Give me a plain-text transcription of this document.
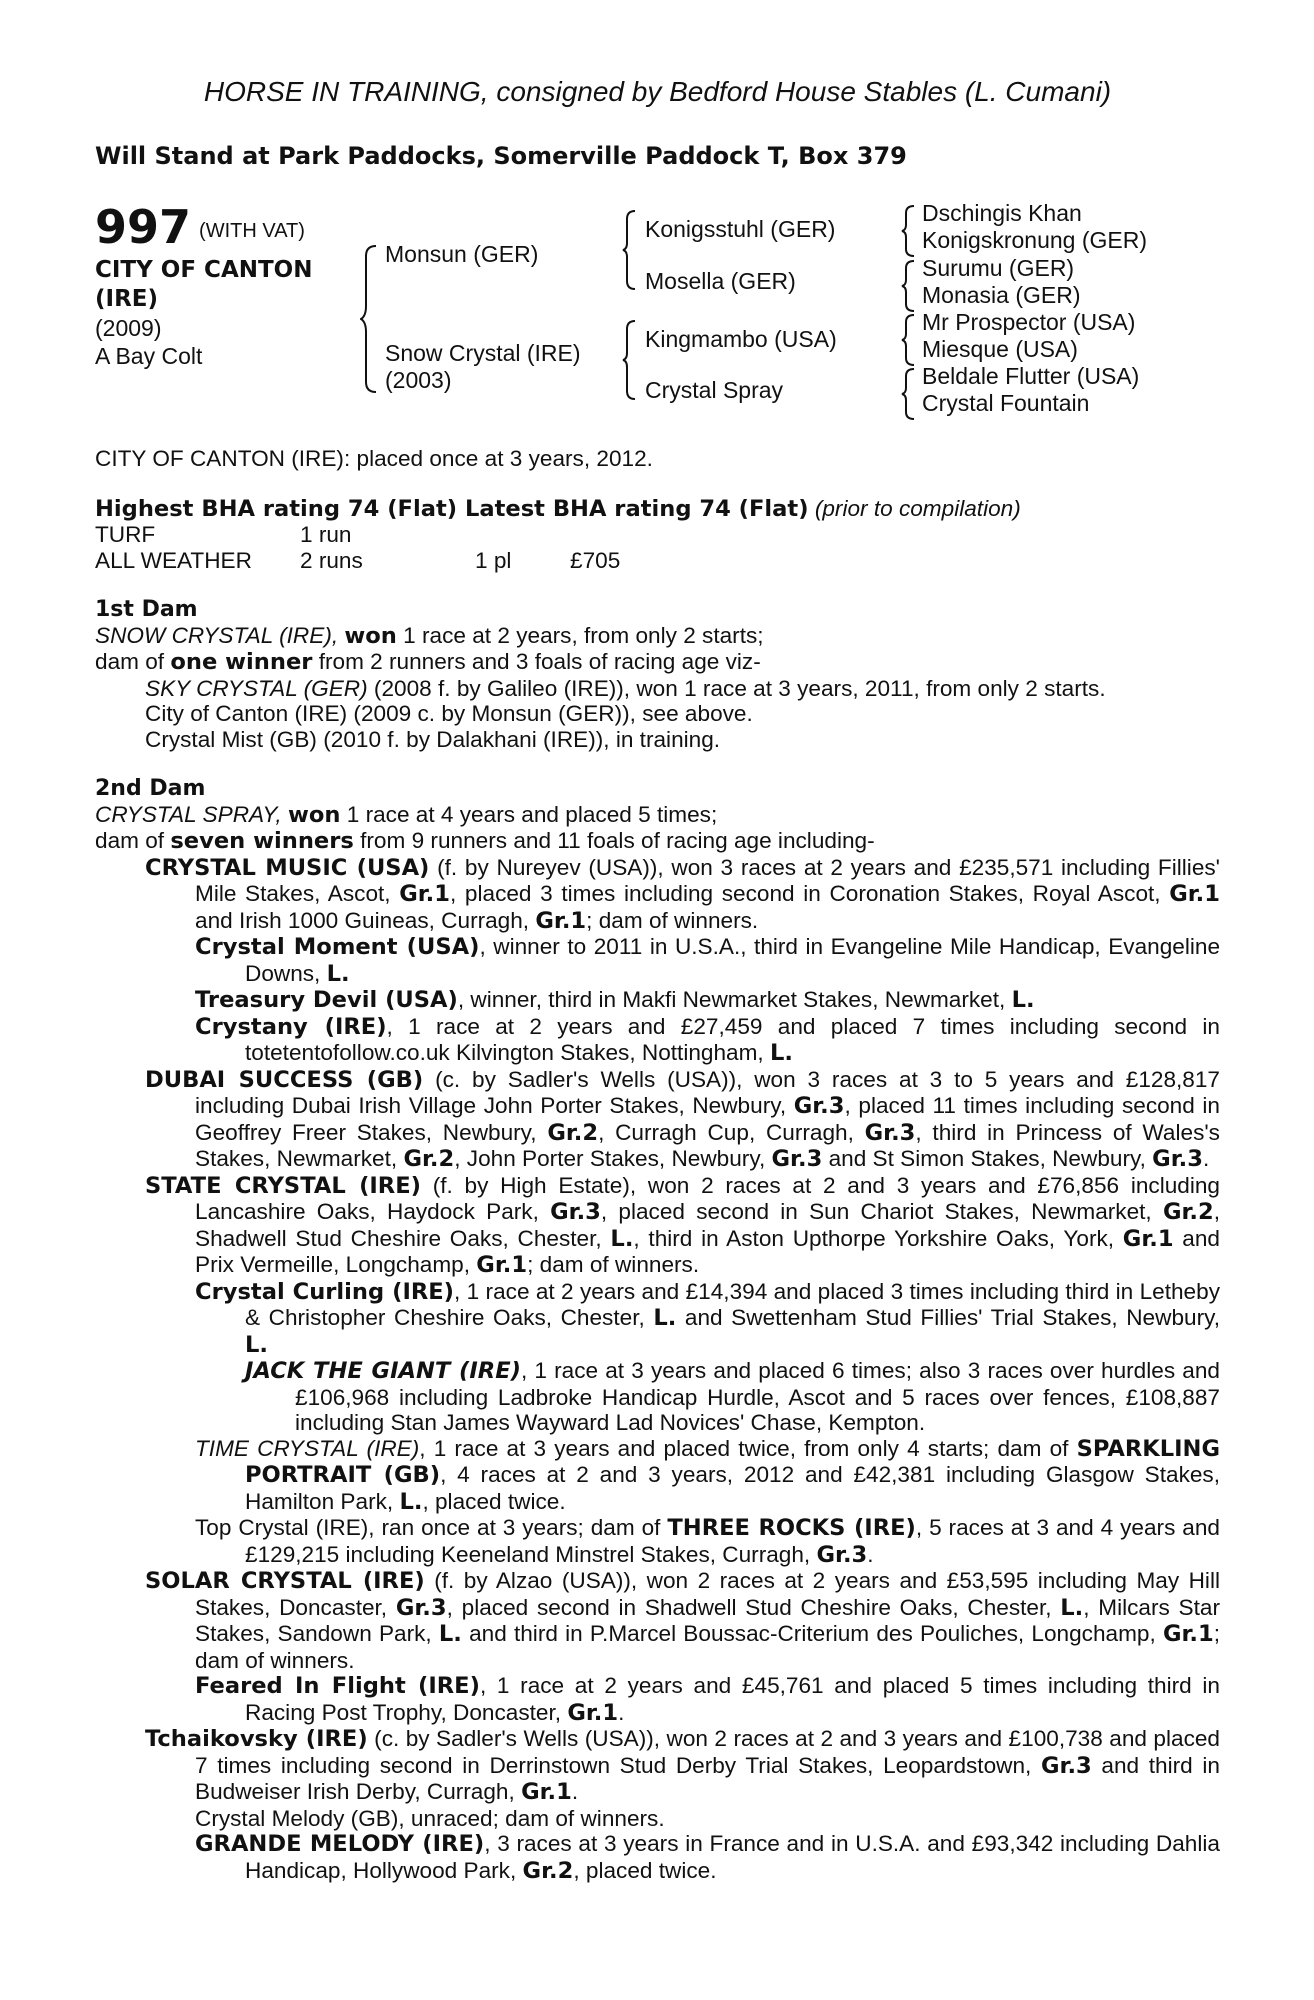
HORSE IN TRAINING, consigned by Bedford House Stables (L. Cumani)
Will Stand at Park Paddocks, Somerville Paddock T, Box 379
997 (WITH VAT)
CITY OF CANTON
(IRE)
(2009)
A Bay Colt
Monsun (GER)
Snow Crystal (IRE)
(2003)
Konigsstuhl (GER)
Mosella (GER)
Kingmambo (USA)
Crystal Spray
Dschingis Khan
Konigskronung (GER)
Surumu (GER)
Monasia (GER)
Mr Prospector (USA)
Miesque (USA)
Beldale Flutter (USA)
Crystal Fountain
CITY OF CANTON (IRE): placed once at 3 years, 2012.
Highest BHA rating 74 (Flat) Latest BHA rating 74 (Flat) (prior to compilation)
TURF	1 run
ALL WEATHER 2 runs	1 pl	£705
1st Dam
SNOW CRYSTAL (IRE), won 1 race at 2 years, from only 2 starts;
dam of one winner from 2 runners and 3 foals of racing age viz-
SKY CRYSTAL (GER) (2008 f. by Galileo (IRE)), won 1 race at 3 years, 2011, from only 2 starts.
City of Canton (IRE) (2009 c. by Monsun (GER)), see above.
Crystal Mist (GB) (2010 f. by Dalakhani (IRE)), in training.
2nd Dam
CRYSTAL SPRAY, won 1 race at 4 years and placed 5 times;
dam of seven winners from 9 runners and 11 foals of racing age including-
CRYSTAL MUSIC (USA) (f. by Nureyev (USA)), won 3 races at 2 years and £235,571 including Fillies' Mile Stakes, Ascot, Gr.1, placed 3 times including second in Coronation Stakes, Royal Ascot, Gr.1 and Irish 1000 Guineas, Curragh, Gr.1; dam of winners.
Crystal Moment (USA), winner to 2011 in U.S.A., third in Evangeline Mile Handicap, Evangeline Downs, L.
Treasury Devil (USA), winner, third in Makfi Newmarket Stakes, Newmarket, L.
Crystany (IRE), 1 race at 2 years and £27,459 and placed 7 times including second in totetentofollow.co.uk Kilvington Stakes, Nottingham, L.
DUBAI SUCCESS (GB) (c. by Sadler's Wells (USA)), won 3 races at 3 to 5 years and £128,817 including Dubai Irish Village John Porter Stakes, Newbury, Gr.3, placed 11 times including second in Geoffrey Freer Stakes, Newbury, Gr.2, Curragh Cup, Curragh, Gr.3, third in Princess of Wales's Stakes, Newmarket, Gr.2, John Porter Stakes, Newbury, Gr.3 and St Simon Stakes, Newbury, Gr.3.
STATE CRYSTAL (IRE) (f. by High Estate), won 2 races at 2 and 3 years and £76,856 including Lancashire Oaks, Haydock Park, Gr.3, placed second in Sun Chariot Stakes, Newmarket, Gr.2, Shadwell Stud Cheshire Oaks, Chester, L., third in Aston Upthorpe Yorkshire Oaks, York, Gr.1 and Prix Vermeille, Longchamp, Gr.1; dam of winners.
Crystal Curling (IRE), 1 race at 2 years and £14,394 and placed 3 times including third in Letheby & Christopher Cheshire Oaks, Chester, L. and Swettenham Stud Fillies' Trial Stakes, Newbury, L.
JACK THE GIANT (IRE), 1 race at 3 years and placed 6 times; also 3 races over hurdles and £106,968 including Ladbroke Handicap Hurdle, Ascot and 5 races over fences, £108,887 including Stan James Wayward Lad Novices' Chase, Kempton.
TIME CRYSTAL (IRE), 1 race at 3 years and placed twice, from only 4 starts; dam of SPARKLING PORTRAIT (GB), 4 races at 2 and 3 years, 2012 and £42,381 including Glasgow Stakes, Hamilton Park, L., placed twice.
Top Crystal (IRE), ran once at 3 years; dam of THREE ROCKS (IRE), 5 races at 3 and 4 years and £129,215 including Keeneland Minstrel Stakes, Curragh, Gr.3.
SOLAR CRYSTAL (IRE) (f. by Alzao (USA)), won 2 races at 2 years and £53,595 including May Hill Stakes, Doncaster, Gr.3, placed second in Shadwell Stud Cheshire Oaks, Chester, L., Milcars Star Stakes, Sandown Park, L. and third in P.Marcel Boussac-Criterium des Pouliches, Longchamp, Gr.1; dam of winners.
Feared In Flight (IRE), 1 race at 2 years and £45,761 and placed 5 times including third in Racing Post Trophy, Doncaster, Gr.1.
Tchaikovsky (IRE) (c. by Sadler's Wells (USA)), won 2 races at 2 and 3 years and £100,738 and placed 7 times including second in Derrinstown Stud Derby Trial Stakes, Leopardstown, Gr.3 and third in Budweiser Irish Derby, Curragh, Gr.1.
Crystal Melody (GB), unraced; dam of winners.
GRANDE MELODY (IRE), 3 races at 3 years in France and in U.S.A. and £93,342 including Dahlia Handicap, Hollywood Park, Gr.2, placed twice.
